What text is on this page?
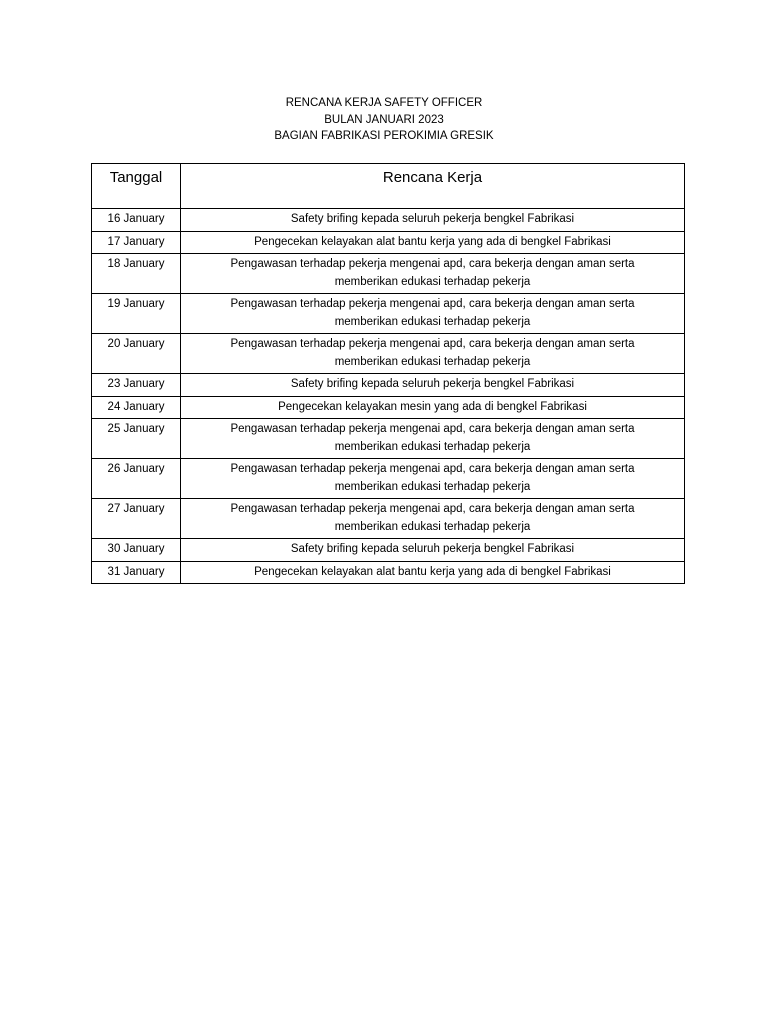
RENCANA KERJA SAFETY OFFICER
BULAN JANUARI 2023
BAGIAN FABRIKASI PEROKIMIA GRESIK
Tanggal	Rencana Kerja
16 January	Safety brifing kepada seluruh pekerja bengkel Fabrikasi
17 January	Pengecekan kelayakan alat bantu kerja yang ada di bengkel Fabrikasi
18 January	Pengawasan terhadap pekerja mengenai apd, cara bekerja dengan aman serta memberikan edukasi terhadap pekerja
19 January	Pengawasan terhadap pekerja mengenai apd, cara bekerja dengan aman serta memberikan edukasi terhadap pekerja
20 January	Pengawasan terhadap pekerja mengenai apd, cara bekerja dengan aman serta memberikan edukasi terhadap pekerja
23 January	Safety brifing kepada seluruh pekerja bengkel Fabrikasi
24 January	Pengecekan kelayakan mesin yang ada di bengkel Fabrikasi
25 January	Pengawasan terhadap pekerja mengenai apd, cara bekerja dengan aman serta memberikan edukasi terhadap pekerja
26 January	Pengawasan terhadap pekerja mengenai apd, cara bekerja dengan aman serta memberikan edukasi terhadap pekerja
27 January	Pengawasan terhadap pekerja mengenai apd, cara bekerja dengan aman serta memberikan edukasi terhadap pekerja
30 January	Safety brifing kepada seluruh pekerja bengkel Fabrikasi
31 January	Pengecekan kelayakan alat bantu kerja yang ada di bengkel Fabrikasi
